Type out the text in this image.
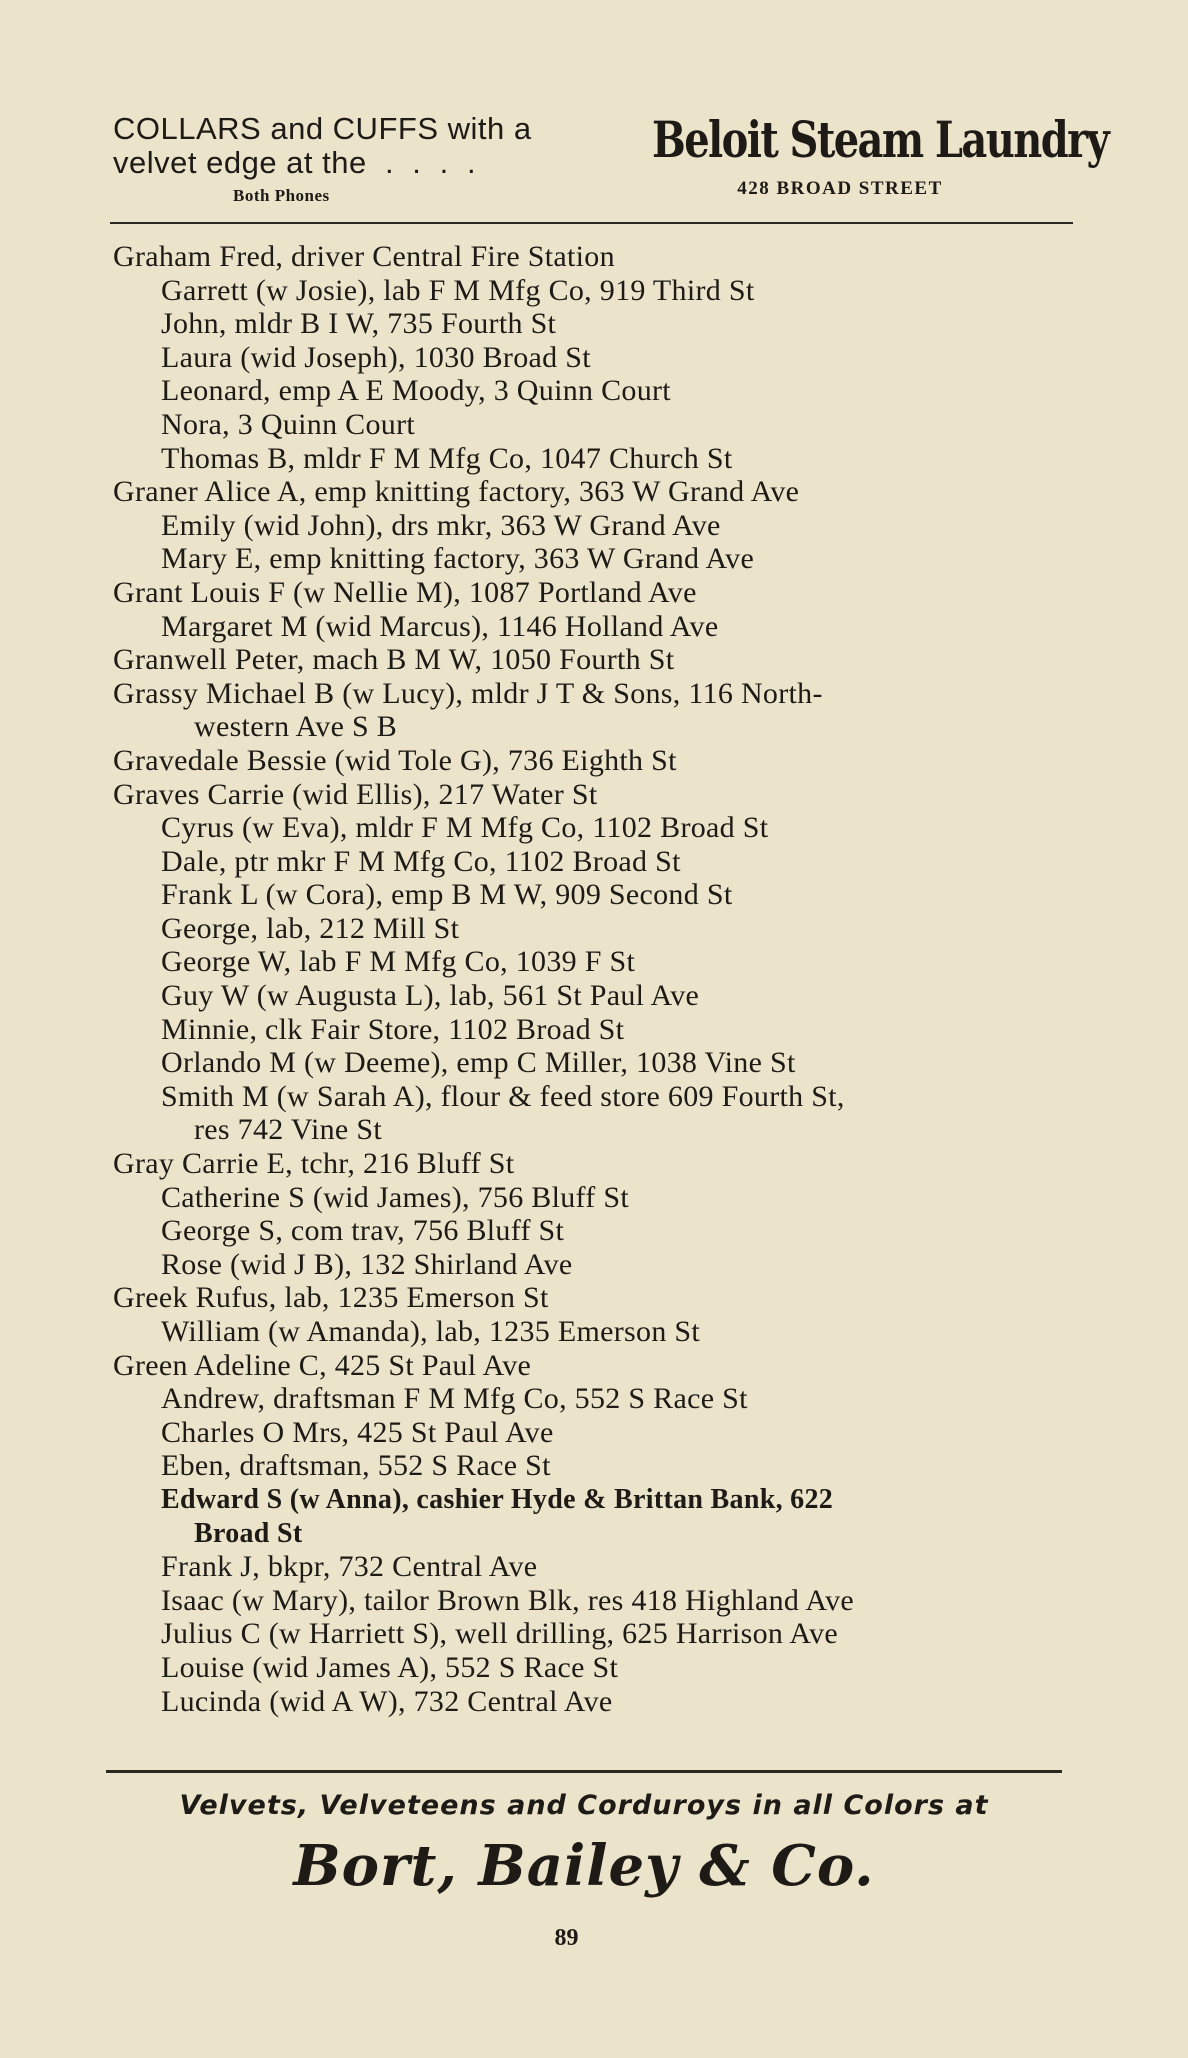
COLLARS and CUFFS with a
velvet edge at the  .  .  .  .
Both Phones
Beloit Steam Laundry
428 BROAD STREET
Graham Fred, driver Central Fire Station
Garrett (w Josie), lab F M Mfg Co, 919 Third St
John, mldr B I W, 735 Fourth St
Laura (wid Joseph), 1030 Broad St
Leonard, emp A E Moody, 3 Quinn Court
Nora, 3 Quinn Court
Thomas B, mldr F M Mfg Co, 1047 Church St
Graner Alice A, emp knitting factory, 363 W Grand Ave
Emily (wid John), drs mkr, 363 W Grand Ave
Mary E, emp knitting factory, 363 W Grand Ave
Grant Louis F (w Nellie M), 1087 Portland Ave
Margaret M (wid Marcus), 1146 Holland Ave
Granwell Peter, mach B M W, 1050 Fourth St
Grassy Michael B (w Lucy), mldr J T & Sons, 116 North-
western Ave S B
Gravedale Bessie (wid Tole G), 736 Eighth St
Graves Carrie (wid Ellis), 217 Water St
Cyrus (w Eva), mldr F M Mfg Co, 1102 Broad St
Dale, ptr mkr F M Mfg Co, 1102 Broad St
Frank L (w Cora), emp B M W, 909 Second St
George, lab, 212 Mill St
George W, lab F M Mfg Co, 1039 F St
Guy W (w Augusta L), lab, 561 St Paul Ave
Minnie, clk Fair Store, 1102 Broad St
Orlando M (w Deeme), emp C Miller, 1038 Vine St
Smith M (w Sarah A), flour & feed store 609 Fourth St,
res 742 Vine St
Gray Carrie E, tchr, 216 Bluff St
Catherine S (wid James), 756 Bluff St
George S, com trav, 756 Bluff St
Rose (wid J B), 132 Shirland Ave
Greek Rufus, lab, 1235 Emerson St
William (w Amanda), lab, 1235 Emerson St
Green Adeline C, 425 St Paul Ave
Andrew, draftsman F M Mfg Co, 552 S Race St
Charles O Mrs, 425 St Paul Ave
Eben, draftsman, 552 S Race St
Edward S (w Anna), cashier Hyde & Brittan Bank, 622
Broad St
Frank J, bkpr, 732 Central Ave
Isaac (w Mary), tailor Brown Blk, res 418 Highland Ave
Julius C (w Harriett S), well drilling, 625 Harrison Ave
Louise (wid James A), 552 S Race St
Lucinda (wid A W), 732 Central Ave
Velvets, Velveteens and Corduroys in all Colors at
Bort, Bailey & Co.
89
